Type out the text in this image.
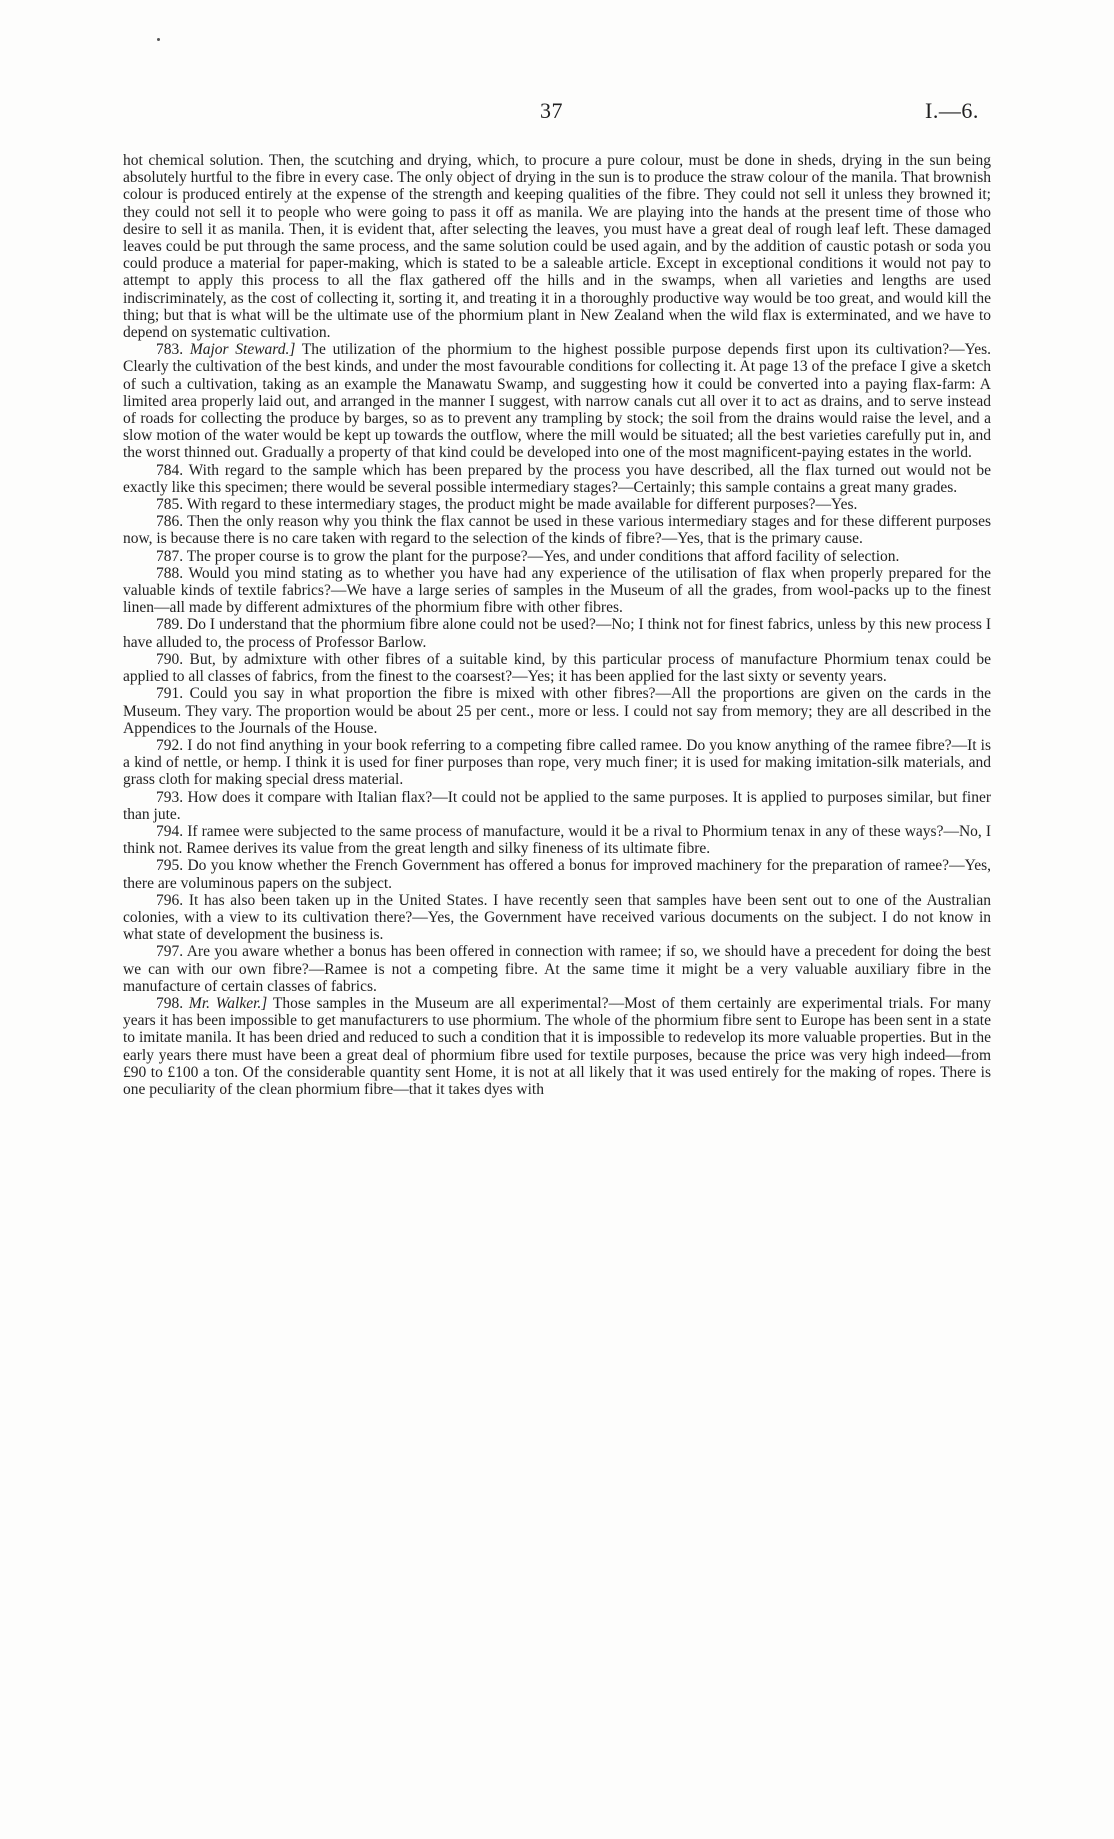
37	I.—6.

hot chemical solution. Then, the scutching and drying, which, to procure a pure colour, must be done in sheds, drying in the sun being absolutely hurtful to the fibre in every case. The only object of drying in the sun is to produce the straw colour of the manila. That brownish colour is produced entirely at the expense of the strength and keeping qualities of the fibre. They could not sell it unless they browned it; they could not sell it to people who were going to pass it off as manila. We are playing into the hands at the present time of those who desire to sell it as manila. Then, it is evident that, after selecting the leaves, you must have a great deal of rough leaf left. These damaged leaves could be put through the same process, and the same solution could be used again, and by the addition of caustic potash or soda you could produce a material for paper-making, which is stated to be a saleable article. Except in exceptional conditions it would not pay to attempt to apply this process to all the flax gathered off the hills and in the swamps, when all varieties and lengths are used indiscriminately, as the cost of collecting it, sorting it, and treating it in a thoroughly productive way would be too great, and would kill the thing; but that is what will be the ultimate use of the phormium plant in New Zealand when the wild flax is exterminated, and we have to depend on systematic cultivation.

783. Major Steward.] The utilization of the phormium to the highest possible purpose depends first upon its cultivation?—Yes. Clearly the cultivation of the best kinds, and under the most favourable conditions for collecting it. At page 13 of the preface I give a sketch of such a cultivation, taking as an example the Manawatu Swamp, and suggesting how it could be converted into a paying flax-farm: A limited area properly laid out, and arranged in the manner I suggest, with narrow canals cut all over it to act as drains, and to serve instead of roads for collecting the produce by barges, so as to prevent any trampling by stock; the soil from the drains would raise the level, and a slow motion of the water would be kept up towards the outflow, where the mill would be situated; all the best varieties carefully put in, and the worst thinned out. Gradually a property of that kind could be developed into one of the most magnificent-paying estates in the world.

784. With regard to the sample which has been prepared by the process you have described, all the flax turned out would not be exactly like this specimen; there would be several possible intermediary stages?—Certainly; this sample contains a great many grades.

785. With regard to these intermediary stages, the product might be made available for different purposes?—Yes.

786. Then the only reason why you think the flax cannot be used in these various intermediary stages and for these different purposes now, is because there is no care taken with regard to the selection of the kinds of fibre?—Yes, that is the primary cause.

787. The proper course is to grow the plant for the purpose?—Yes, and under conditions that afford facility of selection.

788. Would you mind stating as to whether you have had any experience of the utilisation of flax when properly prepared for the valuable kinds of textile fabrics?—We have a large series of samples in the Museum of all the grades, from wool-packs up to the finest linen—all made by different admixtures of the phormium fibre with other fibres.

789. Do I understand that the phormium fibre alone could not be used?—No; I think not for finest fabrics, unless by this new process I have alluded to, the process of Professor Barlow.

790. But, by admixture with other fibres of a suitable kind, by this particular process of manufacture Phormium tenax could be applied to all classes of fabrics, from the finest to the coarsest?—Yes; it has been applied for the last sixty or seventy years.

791. Could you say in what proportion the fibre is mixed with other fibres?—All the proportions are given on the cards in the Museum. They vary. The proportion would be about 25 per cent., more or less. I could not say from memory; they are all described in the Appendices to the Journals of the House.

792. I do not find anything in your book referring to a competing fibre called ramee. Do you know anything of the ramee fibre?—It is a kind of nettle, or hemp. I think it is used for finer purposes than rope, very much finer; it is used for making imitation-silk materials, and grass cloth for making special dress material.

793. How does it compare with Italian flax?—It could not be applied to the same purposes. It is applied to purposes similar, but finer than jute.

794. If ramee were subjected to the same process of manufacture, would it be a rival to Phormium tenax in any of these ways?—No, I think not. Ramee derives its value from the great length and silky fineness of its ultimate fibre.

795. Do you know whether the French Government has offered a bonus for improved machinery for the preparation of ramee?—Yes, there are voluminous papers on the subject.

796. It has also been taken up in the United States. I have recently seen that samples have been sent out to one of the Australian colonies, with a view to its cultivation there?—Yes, the Government have received various documents on the subject. I do not know in what state of development the business is.

797. Are you aware whether a bonus has been offered in connection with ramee; if so, we should have a precedent for doing the best we can with our own fibre?—Ramee is not a competing fibre. At the same time it might be a very valuable auxiliary fibre in the manufacture of certain classes of fabrics.

798. Mr. Walker.] Those samples in the Museum are all experimental?—Most of them certainly are experimental trials. For many years it has been impossible to get manufacturers to use phormium. The whole of the phormium fibre sent to Europe has been sent in a state to imitate manila. It has been dried and reduced to such a condition that it is impossible to redevelop its more valuable properties. But in the early years there must have been a great deal of phormium fibre used for textile purposes, because the price was very high indeed—from £90 to £100 a ton. Of the considerable quantity sent Home, it is not at all likely that it was used entirely for the making of ropes. There is one peculiarity of the clean phormium fibre—that it takes dyes with
